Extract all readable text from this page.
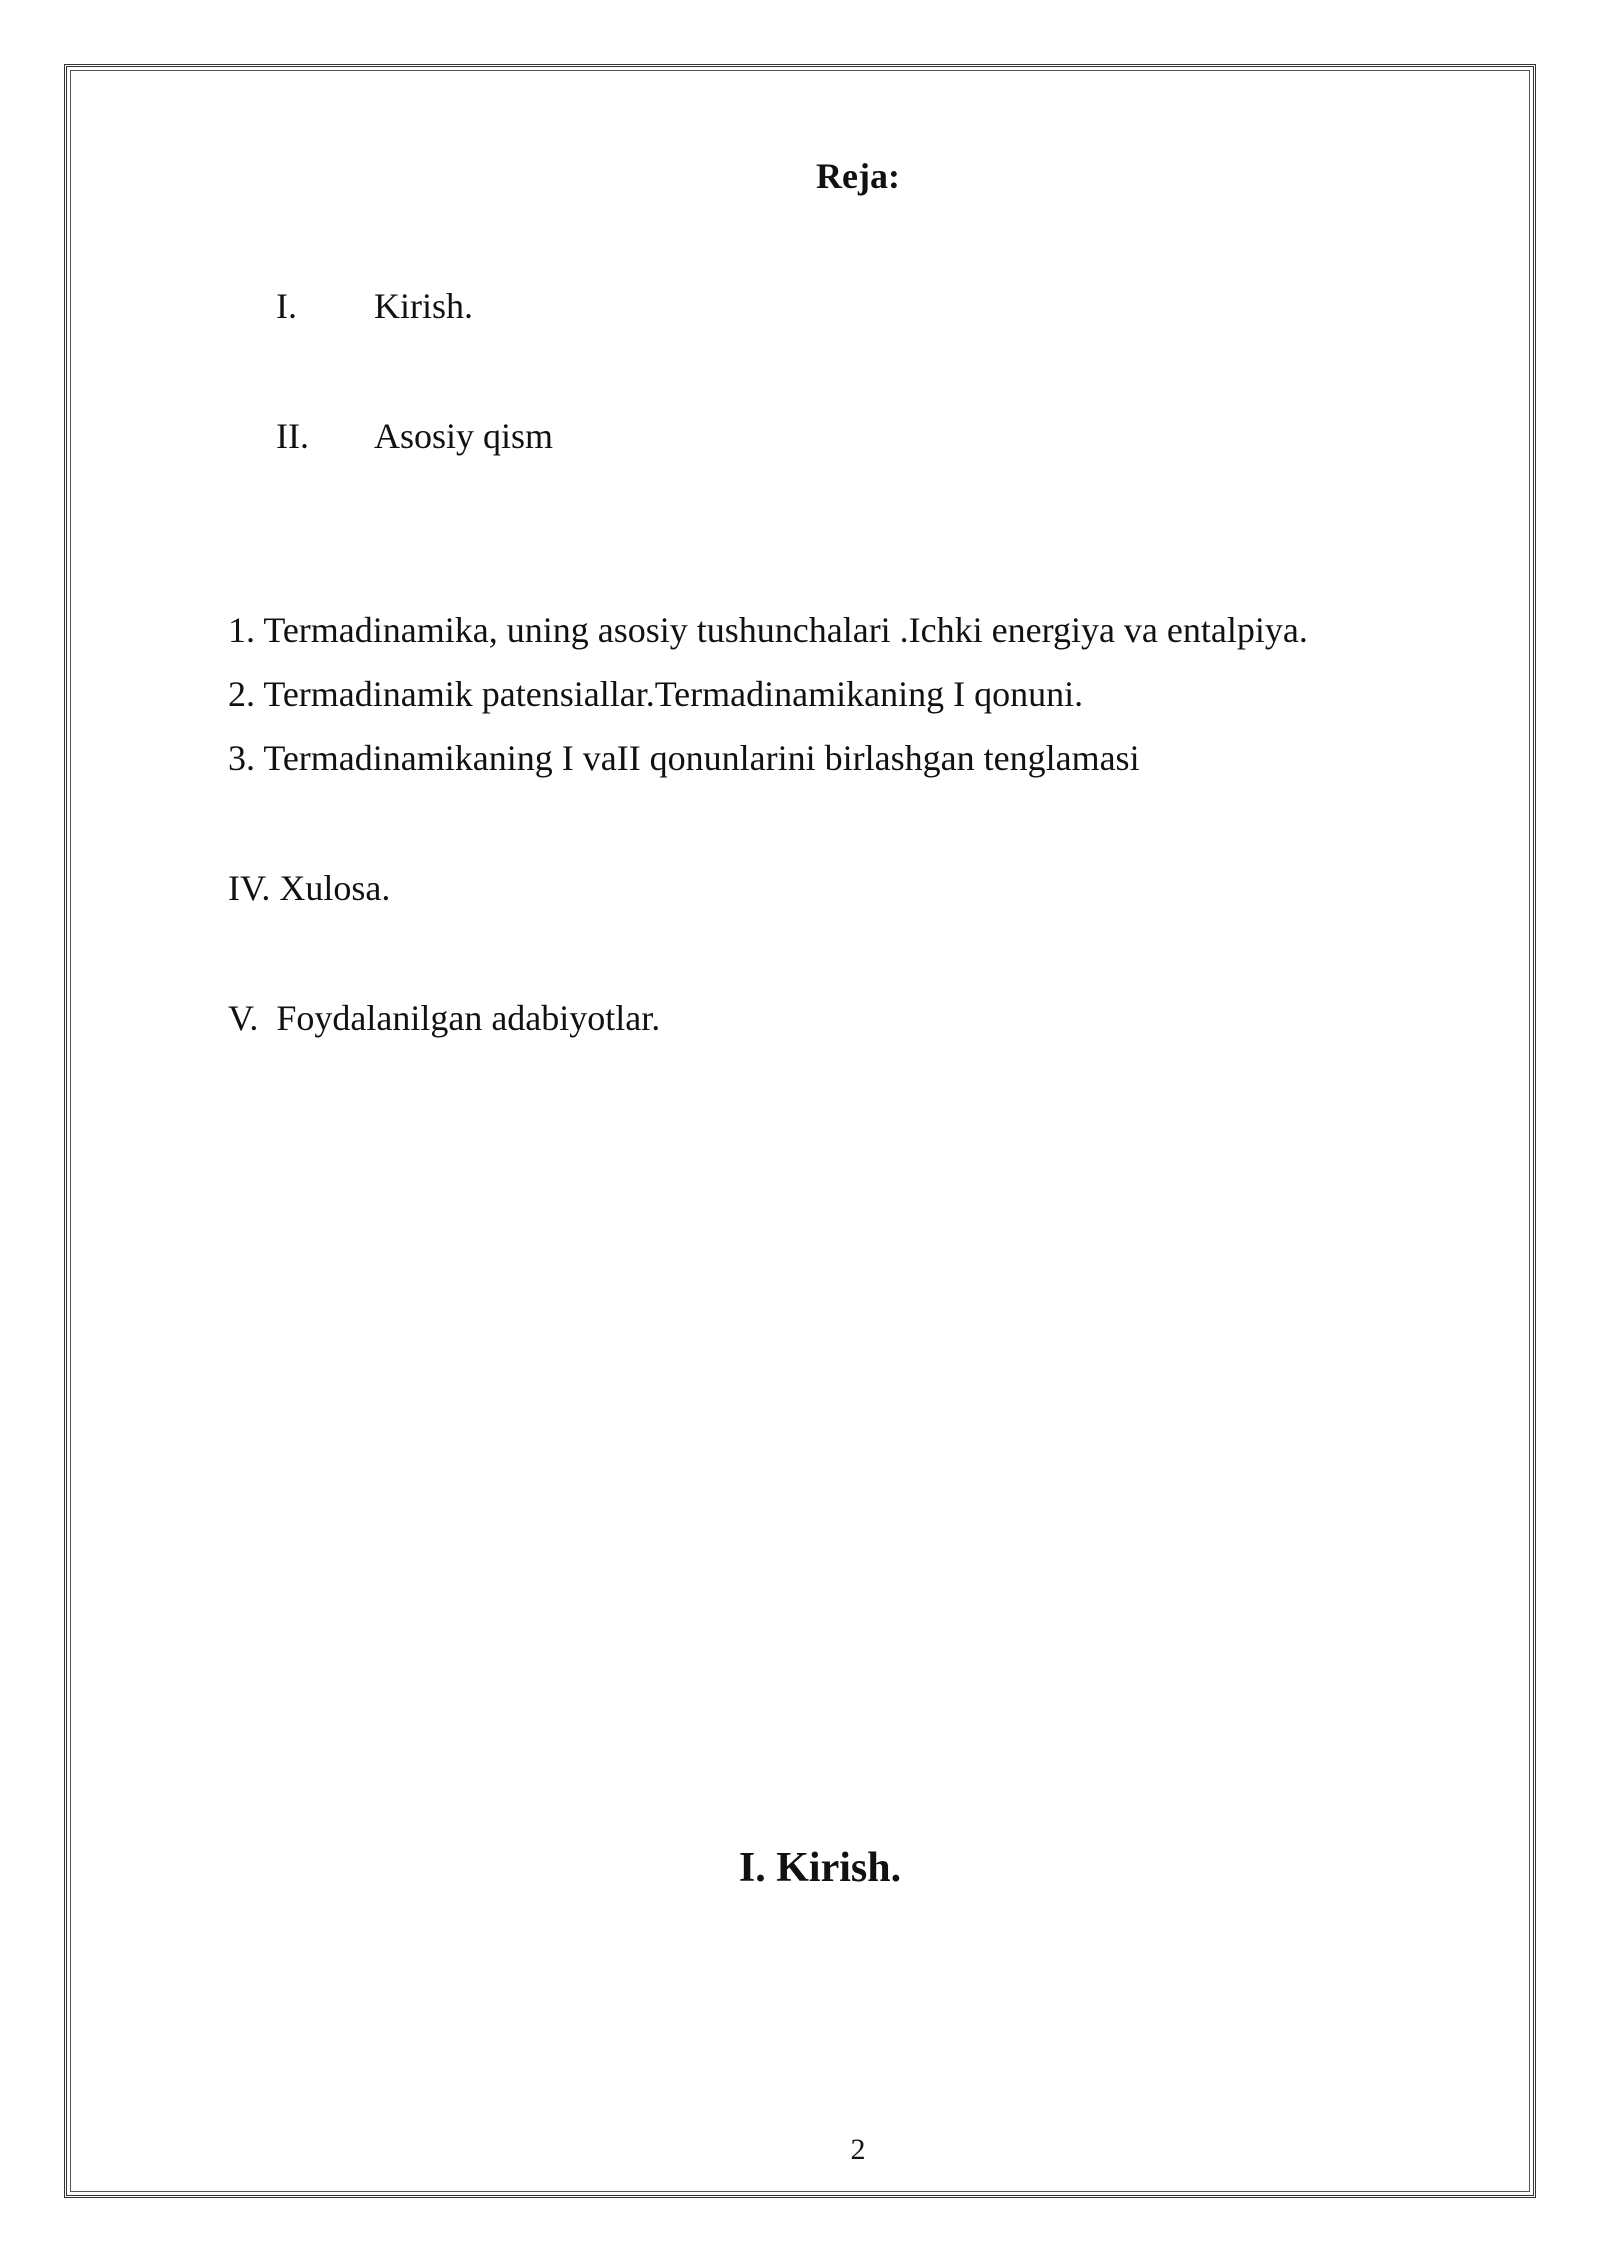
Reja:
I. Kirish.
II. Asosiy qism
1. Termadinamika, uning asosiy tushunchalari .Ichki energiya va entalpiya.
2. Termadinamik patensiallar.Termadinamikaning I qonuni.
3. Termadinamikaning I vaII qonunlarini birlashgan tenglamasi
IV. Xulosa.
V.  Foydalanilgan adabiyotlar.
I. Kirish.
2
